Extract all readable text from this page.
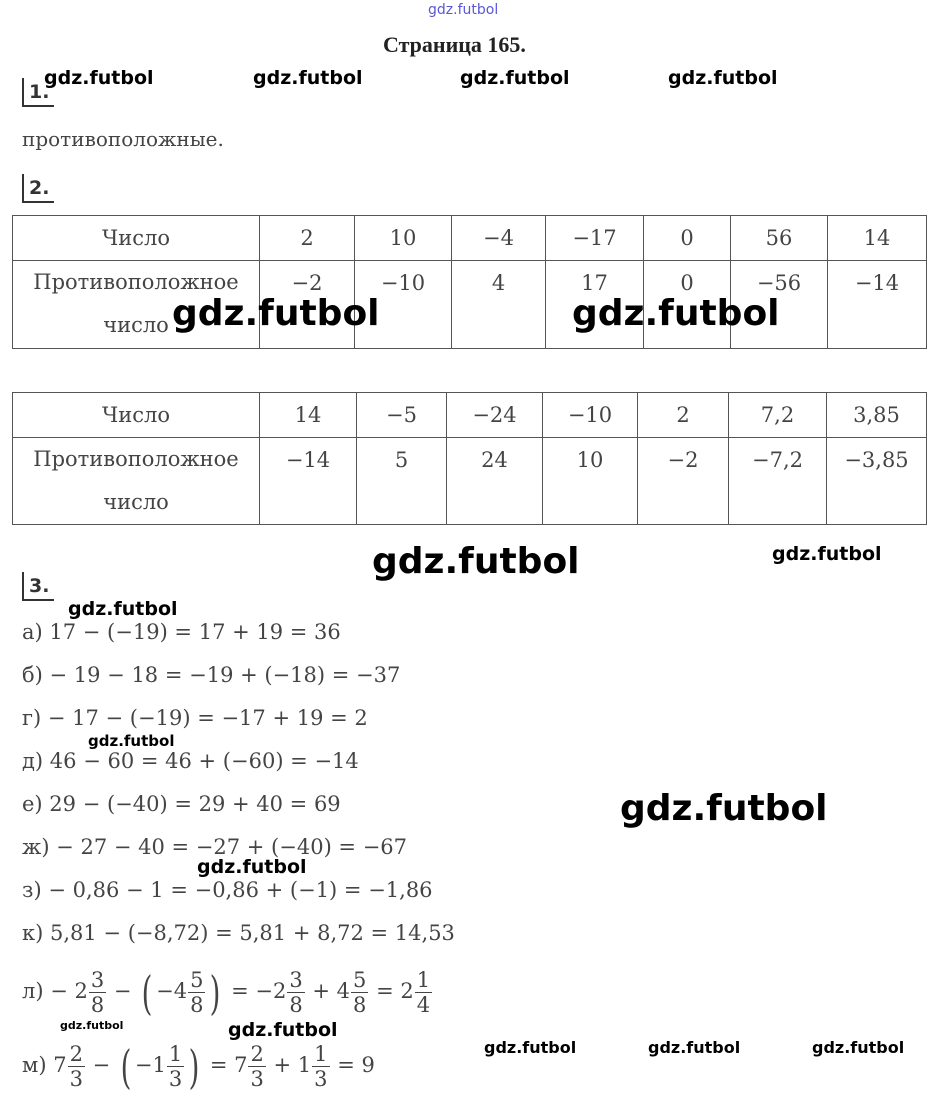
gdz.futbol
gdz.futbol	gdz.futbol	gdz.futbol	gdz.futbol
Страница 165.
1.
противоположные.
2.
Число	2	10	−4	−17	0	56	14

Противоположное
число	−2	−10	4	17	0	−56	−14
gdz.futbol	gdz.futbol
Число	14	−5	−24	−10	2	7,2	3,85

Противоположное
число	−14	5	24	10	−2	−7,2	−3,85
gdz.futbol	gdz.futbol
3.
gdz.futbol
а) 17 − (−19) = 17 + 19 = 36
б) − 19 − 18 = −19 + (−18) = −37
г) − 17 − (−19) = −17 + 19 = 2
д) 46 − 60 = 46 + (−60) = −14
е) 29 − (−40) = 29 + 40 = 69
ж) − 27 − 40 = −27 + (−40) = −67
з) − 0,86 − 1 = −0,86 + (−1) = −1,86
к) 5,81 − (−8,72) = 5,81 + 8,72 = 14,53
gdz.futbol
gdz.futbol
gdz.futbol
$л) - 2 \frac{3}{8}$ − ( $-4 \frac{5}{8}$ ) = $-2 \frac{3}{8} + 4 \frac{5}{8} = 2 \frac{1}{4}$
gdz.futbol	gdz.futbol
gdz.futbol	gdz.futbol	gdz.futbol
м) $7 \frac{2}{3}$ − ( $-1 \frac{1}{3}$ ) = $7 \frac{2}{3} + 1 \frac{1}{3} = 9$
